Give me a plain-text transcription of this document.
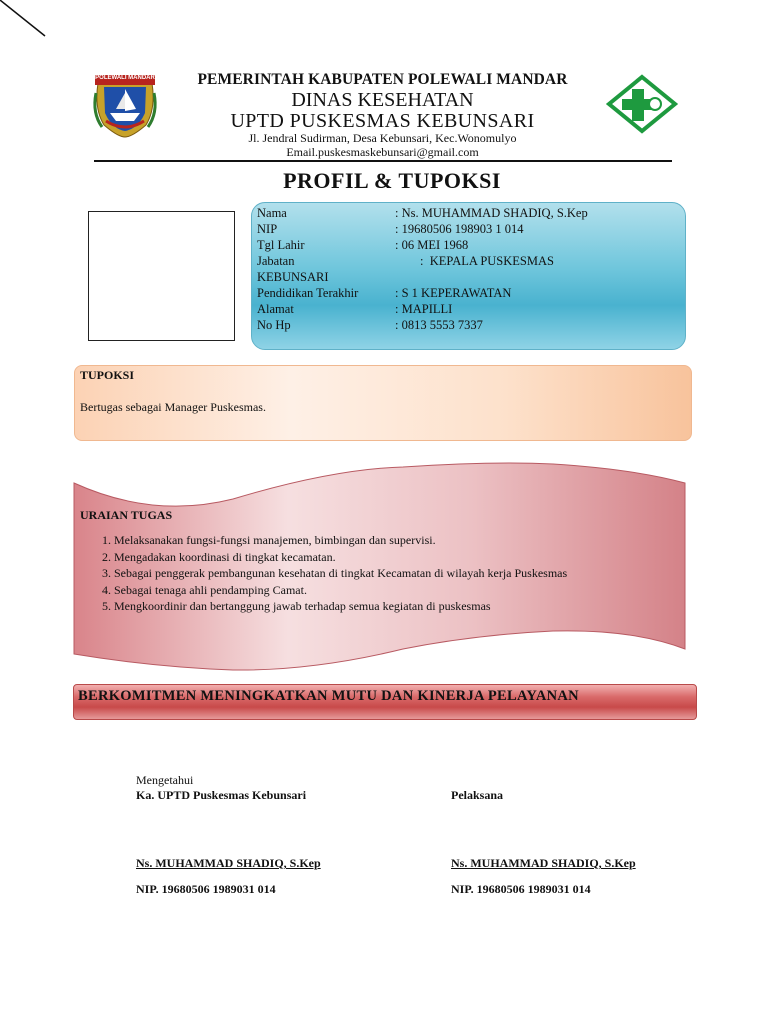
POLEWALI MANDAR	PEMERINTAH KABUPATEN POLEWALI MANDAR
DINAS KESEHATAN
UPTD PUSKESMAS KEBUNSARI
Jl. Jendral Sudirman, Desa Kebunsari, Kec.Wonomulyo
Email.puskesmaskebunsari@gmail.com
PROFIL & TUPOKSI
Nama	: Ns. MUHAMMAD SHADIQ, S.Kep
NIP	: 19680506 198903 1 014
Tgl Lahir	: 06 MEI 1968
Jabatan	:  KEPALA PUSKESMAS
KEBUNSARI
Pendidikan Terakhir	: S 1 KEPERAWATAN
Alamat	: MAPILLI
No Hp	: 0813 5553 7337
TUPOKSI
Bertugas sebagai Manager Puskesmas.
URAIAN TUGAS
1. Melaksanakan fungsi-fungsi manajemen, bimbingan dan supervisi.
2. Mengadakan koordinasi di tingkat kecamatan.
3. Sebagai penggerak pembangunan kesehatan di tingkat Kecamatan di wilayah kerja Puskesmas
4. Sebagai tenaga ahli pendamping Camat.
5. Mengkoordinir dan bertanggung jawab terhadap semua kegiatan di puskesmas
BERKOMITMEN MENINGKATKAN MUTU DAN KINERJA PELAYANAN
Mengetahui
Ka. UPTD Puskesmas Kebunsari	Pelaksana
Ns. MUHAMMAD SHADIQ, S.Kep	Ns. MUHAMMAD SHADIQ, S.Kep
NIP. 19680506 1989031 014	NIP. 19680506 1989031 014
